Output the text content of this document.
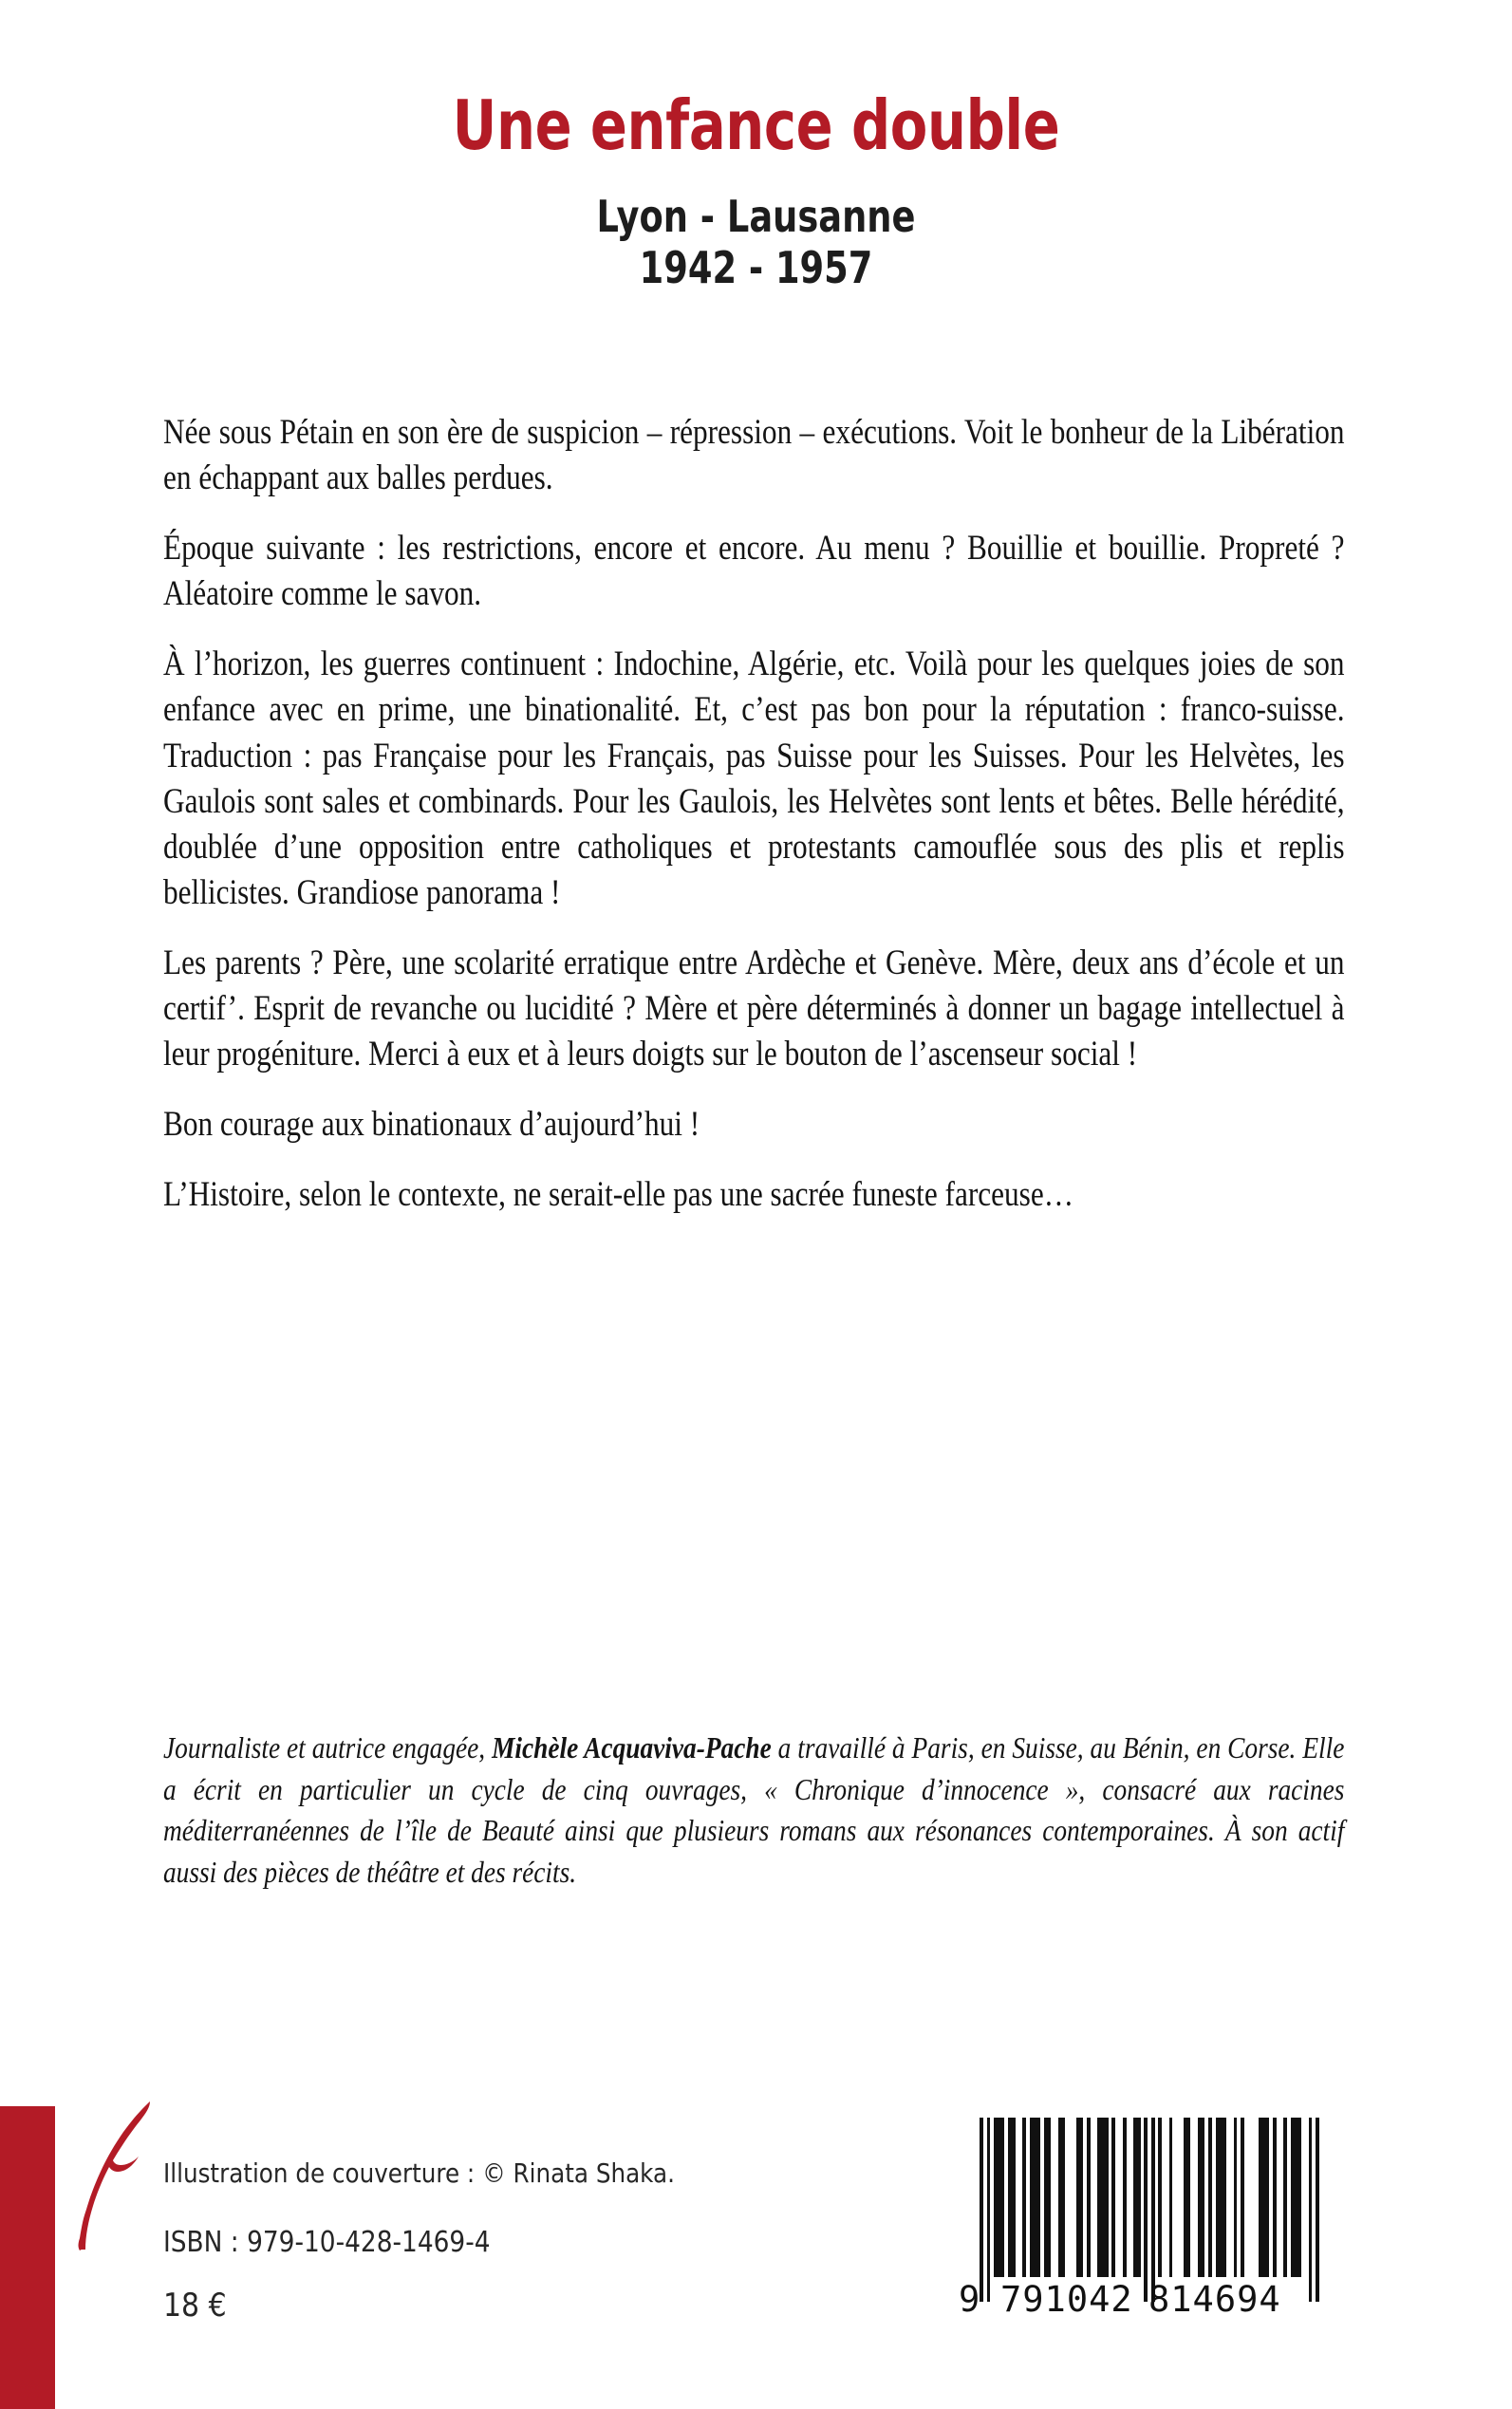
Une enfance double
Lyon - Lausanne
1942 - 1957

Née sous Pétain en son ère de suspicion – répression – exécutions. Voit le bonheur de la Libération en échappant aux balles perdues.

Époque suivante : les restrictions, encore et encore. Au menu ? Bouillie et bouillie. Propreté ? Aléatoire comme le savon.

À l’horizon, les guerres continuent : Indochine, Algérie, etc. Voilà pour les quelques joies de son enfance avec en prime, une binationalité. Et, c’est pas bon pour la réputation : franco-suisse. Traduction : pas Française pour les Français, pas Suisse pour les Suisses. Pour les Helvètes, les Gaulois sont sales et combinards. Pour les Gaulois, les Helvètes sont lents et bêtes. Belle hérédité, doublée d’une opposition entre catholiques et protestants camouflée sous des plis et replis bellicistes. Grandiose panorama !

Les parents ? Père, une scolarité erratique entre Ardèche et Genève. Mère, deux ans d’école et un certif’. Esprit de revanche ou lucidité ? Mère et père déterminés à donner un bagage intellectuel à leur progéniture. Merci à eux et à leurs doigts sur le bouton de l’ascenseur social !

Bon courage aux binationaux d’aujourd’hui !

L’Histoire, selon le contexte, ne serait-elle pas une sacrée funeste farceuse…

Journaliste et autrice engagée, Michèle Acquaviva-Pache a travaillé à Paris, en Suisse, au Bénin, en Corse. Elle a écrit en particulier un cycle de cinq ouvrages, « Chronique d’innocence », consacré aux racines méditerranéennes de l’île de Beauté ainsi que plusieurs romans aux résonances contemporaines. À son actif aussi des pièces de théâtre et des récits.

Illustration de couverture : © Rinata Shaka.
ISBN : 979-10-428-1469-4
18 €	9 791042 814694
